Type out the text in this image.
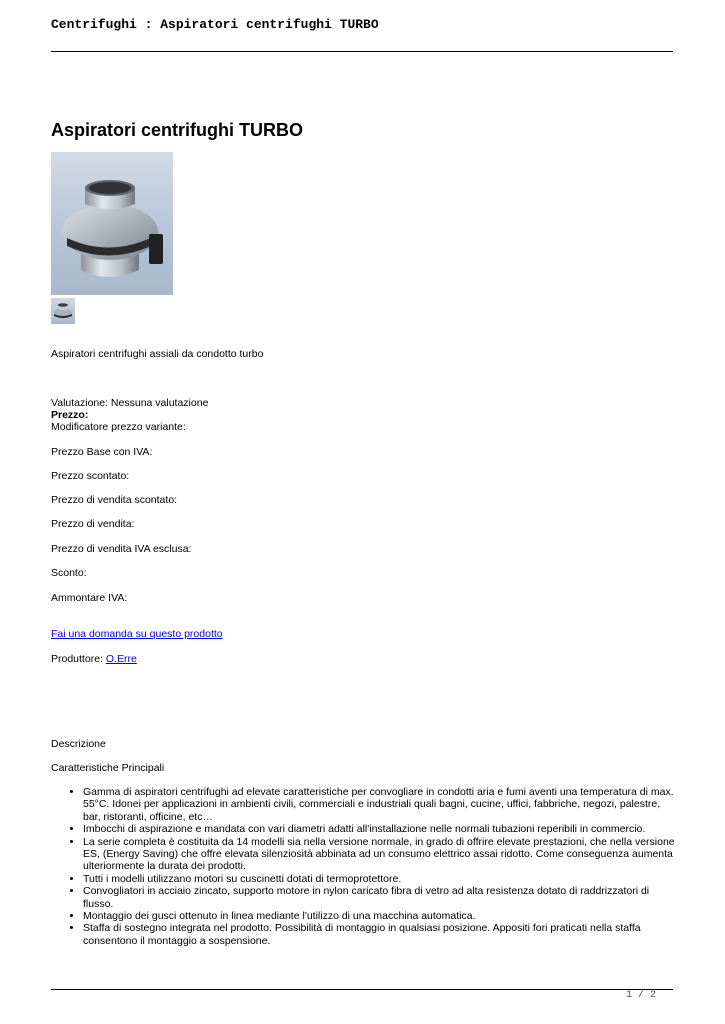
Centrifughi : Aspiratori centrifughi TURBO
Aspiratori centrifughi TURBO
Aspiratori centrifughi assiali da condotto turbo
Valutazione: Nessuna valutazione
Prezzo:
Modificatore prezzo variante:
Prezzo Base con IVA:
Prezzo scontato:
Prezzo di vendita scontato:
Prezzo di vendita:
Prezzo di vendita IVA esclusa:
Sconto:
Ammontare IVA:
Fai una domanda su questo prodotto
Produttore: O.Erre
Descrizione
Caratteristiche Principali
• Gamma di aspiratori centrifughi ad elevate caratteristiche per convogliare in condotti aria e fumi aventi una temperatura di max. 55°C. Idonei per applicazioni in ambienti civili, commerciali e industriali quali bagni, cucine, uffici, fabbriche, negozi, palestre, bar, ristoranti, officine, etc…
• Imbocchi di aspirazione e mandata con vari diametri adatti all'installazione nelle normali tubazioni reperibili in commercio.
• La serie completa è costituita da 14 modelli sia nella versione normale, in grado di offrire elevate prestazioni, che nella versione ES, (Energy Saving) che offre elevata silenziosità abbinata ad un consumo elettrico assai ridotto. Come conseguenza aumenta ulteriormente la durata dei prodotti.
• Tutti i modelli utilizzano motori su cuscinetti dotati di termoprotettore.
• Convogliatori in acciaio zincato, supporto motore in nylon caricato fibra di vetro ad alta resistenza dotato di raddrizzatori di flusso.
• Montaggio dei gusci ottenuto in linea mediante l'utilizzo di una macchina automatica.
• Staffa di sostegno integrata nel prodotto. Possibilità di montaggio in qualsiasi posizione. Appositi fori praticati nella staffa consentono il montaggio a sospensione.
1 / 2
